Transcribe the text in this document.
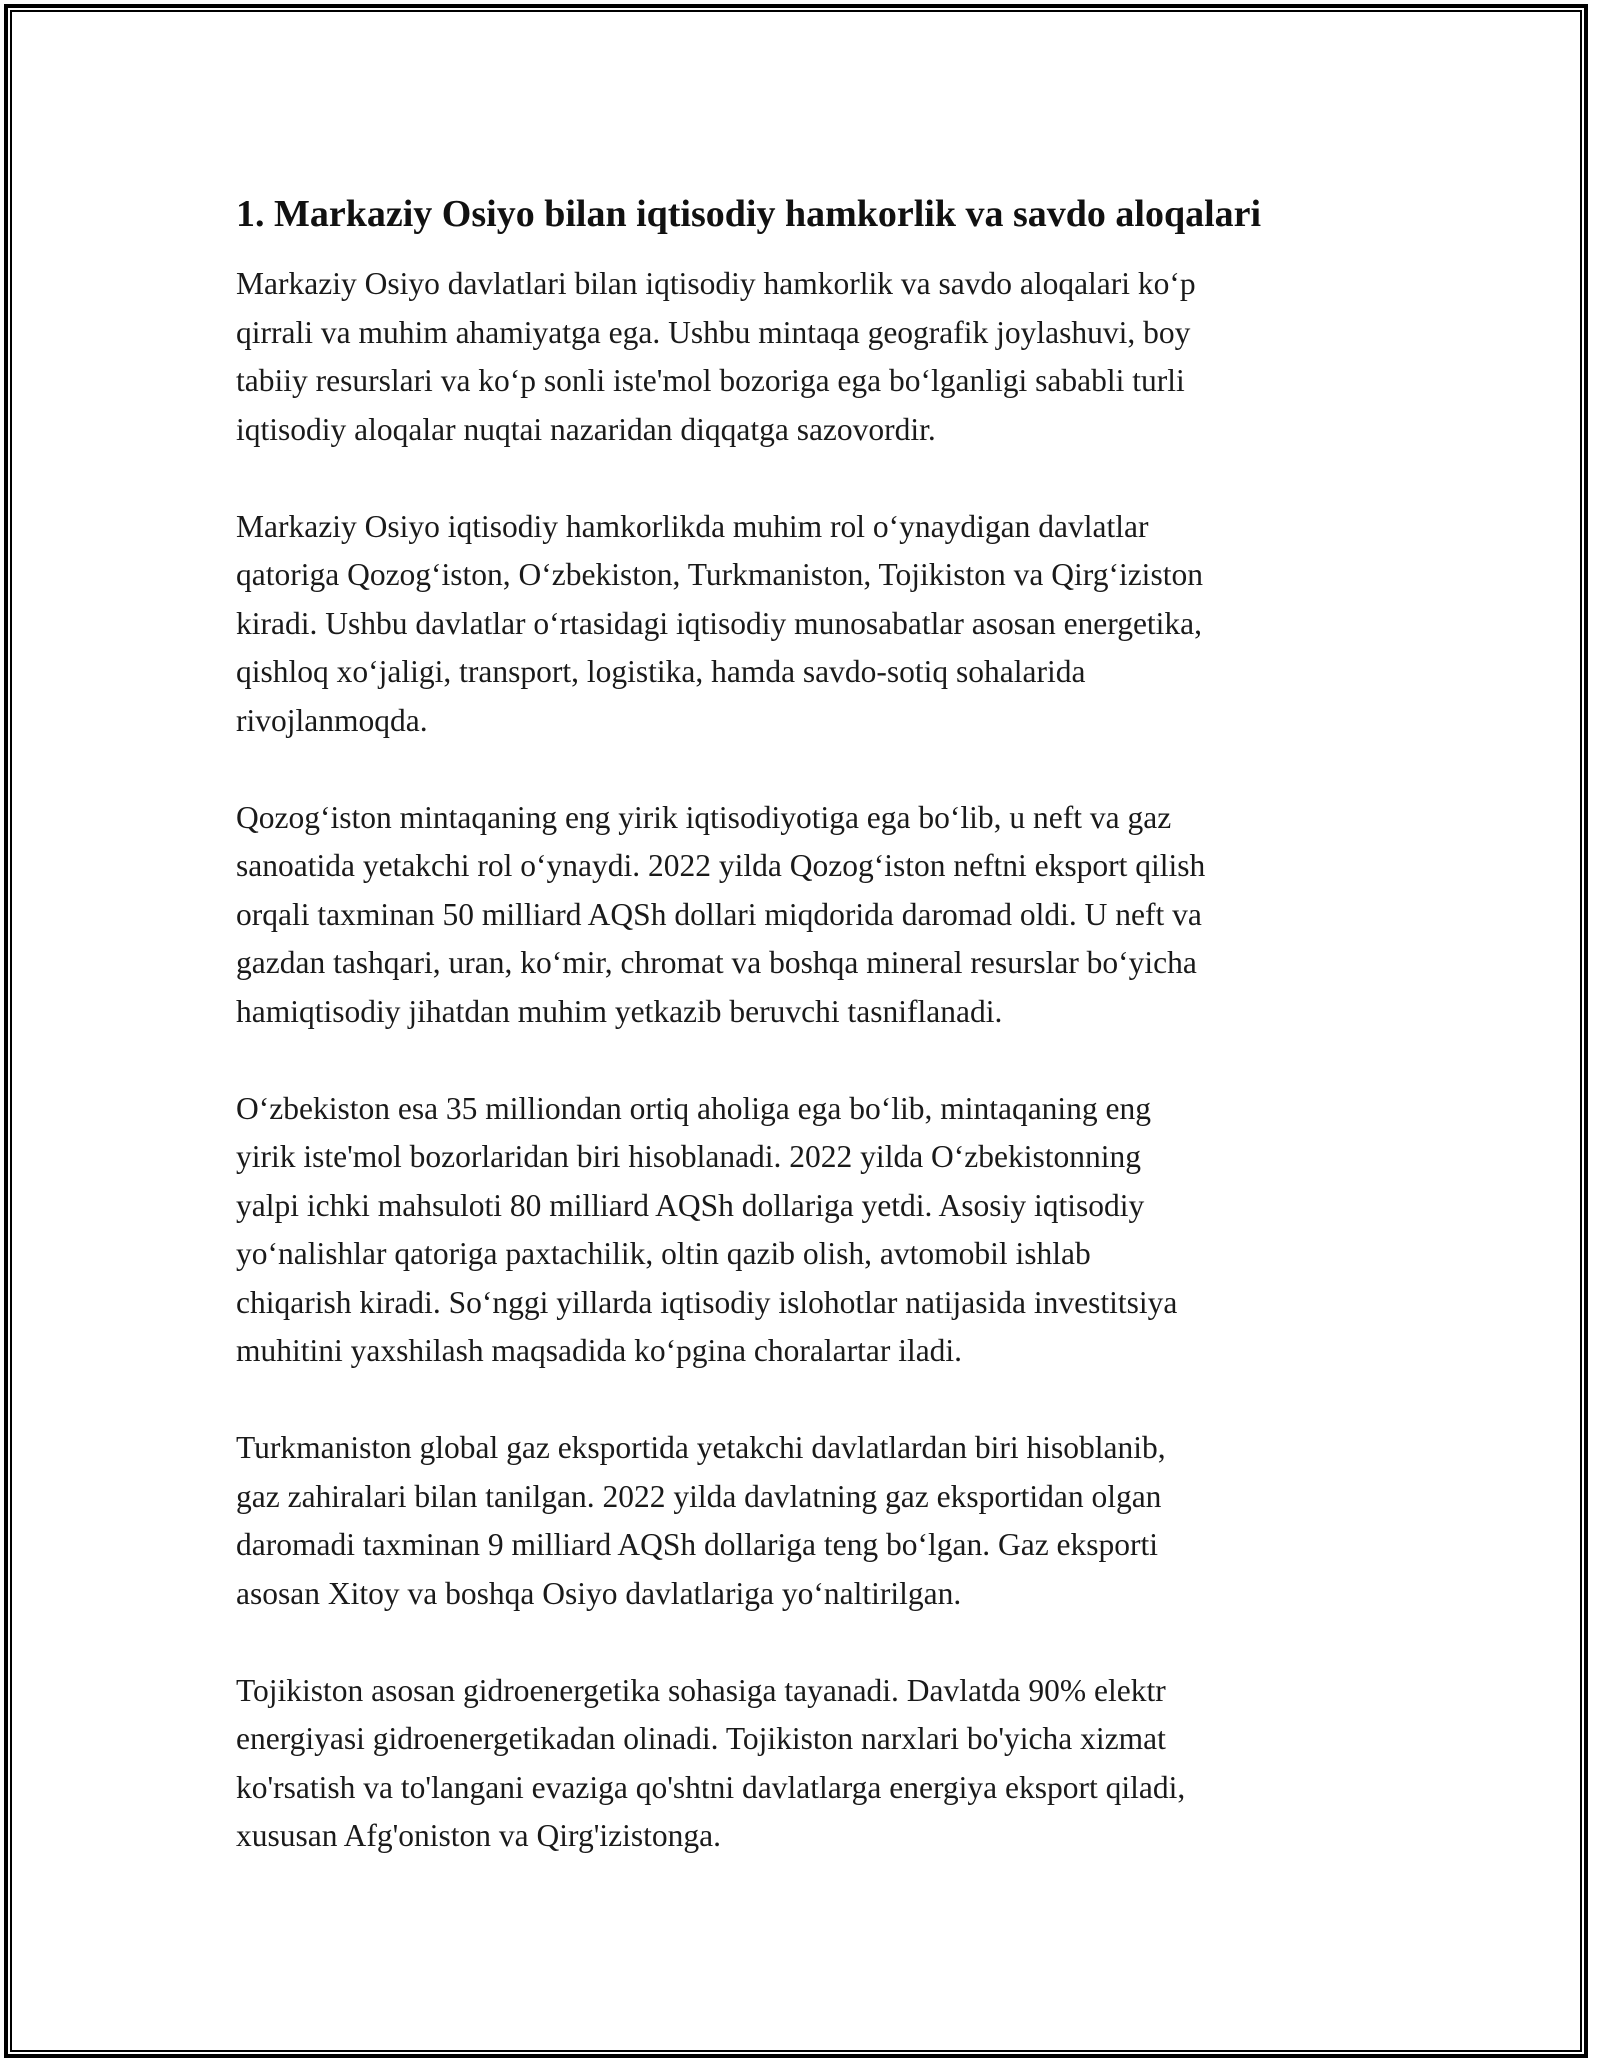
1. Markaziy Osiyo bilan iqtisodiy hamkorlik va savdo aloqalari

Markaziy Osiyo davlatlari bilan iqtisodiy hamkorlik va savdo aloqalari ko‘p
qirrali va muhim ahamiyatga ega. Ushbu mintaqa geografik joylashuvi, boy
tabiiy resurslari va ko‘p sonli iste'mol bozoriga ega bo‘lganligi sababli turli
iqtisodiy aloqalar nuqtai nazaridan diqqatga sazovordir.

Markaziy Osiyo iqtisodiy hamkorlikda muhim rol o‘ynaydigan davlatlar
qatoriga Qozog‘iston, O‘zbekiston, Turkmaniston, Tojikiston va Qirg‘iziston
kiradi. Ushbu davlatlar o‘rtasidagi iqtisodiy munosabatlar asosan energetika,
qishloq xo‘jaligi, transport, logistika, hamda savdo-sotiq sohalarida
rivojlanmoqda.

Qozog‘iston mintaqaning eng yirik iqtisodiyotiga ega bo‘lib, u neft va gaz
sanoatida yetakchi rol o‘ynaydi. 2022 yilda Qozog‘iston neftni eksport qilish
orqali taxminan 50 milliard AQSh dollari miqdorida daromad oldi. U neft va
gazdan tashqari, uran, ko‘mir, chromat va boshqa mineral resurslar bo‘yicha
hamiqtisodiy jihatdan muhim yetkazib beruvchi tasniflanadi.

O‘zbekiston esa 35 milliondan ortiq aholiga ega bo‘lib, mintaqaning eng
yirik iste'mol bozorlaridan biri hisoblanadi. 2022 yilda O‘zbekistonning
yalpi ichki mahsuloti 80 milliard AQSh dollariga yetdi. Asosiy iqtisodiy
yo‘nalishlar qatoriga paxtachilik, oltin qazib olish, avtomobil ishlab
chiqarish kiradi. So‘nggi yillarda iqtisodiy islohotlar natijasida investitsiya
muhitini yaxshilash maqsadida ko‘pgina choralartar iladi.

Turkmaniston global gaz eksportida yetakchi davlatlardan biri hisoblanib,
gaz zahiralari bilan tanilgan. 2022 yilda davlatning gaz eksportidan olgan
daromadi taxminan 9 milliard AQSh dollariga teng bo‘lgan. Gaz eksporti
asosan Xitoy va boshqa Osiyo davlatlariga yo‘naltirilgan.

Tojikiston asosan gidroenergetika sohasiga tayanadi. Davlatda 90% elektr
energiyasi gidroenergetikadan olinadi. Tojikiston narxlari bo'yicha xizmat
ko'rsatish va to'langani evaziga qo'shtni davlatlarga energiya eksport qiladi,
xususan Afg'oniston va Qirg'izistonga.
